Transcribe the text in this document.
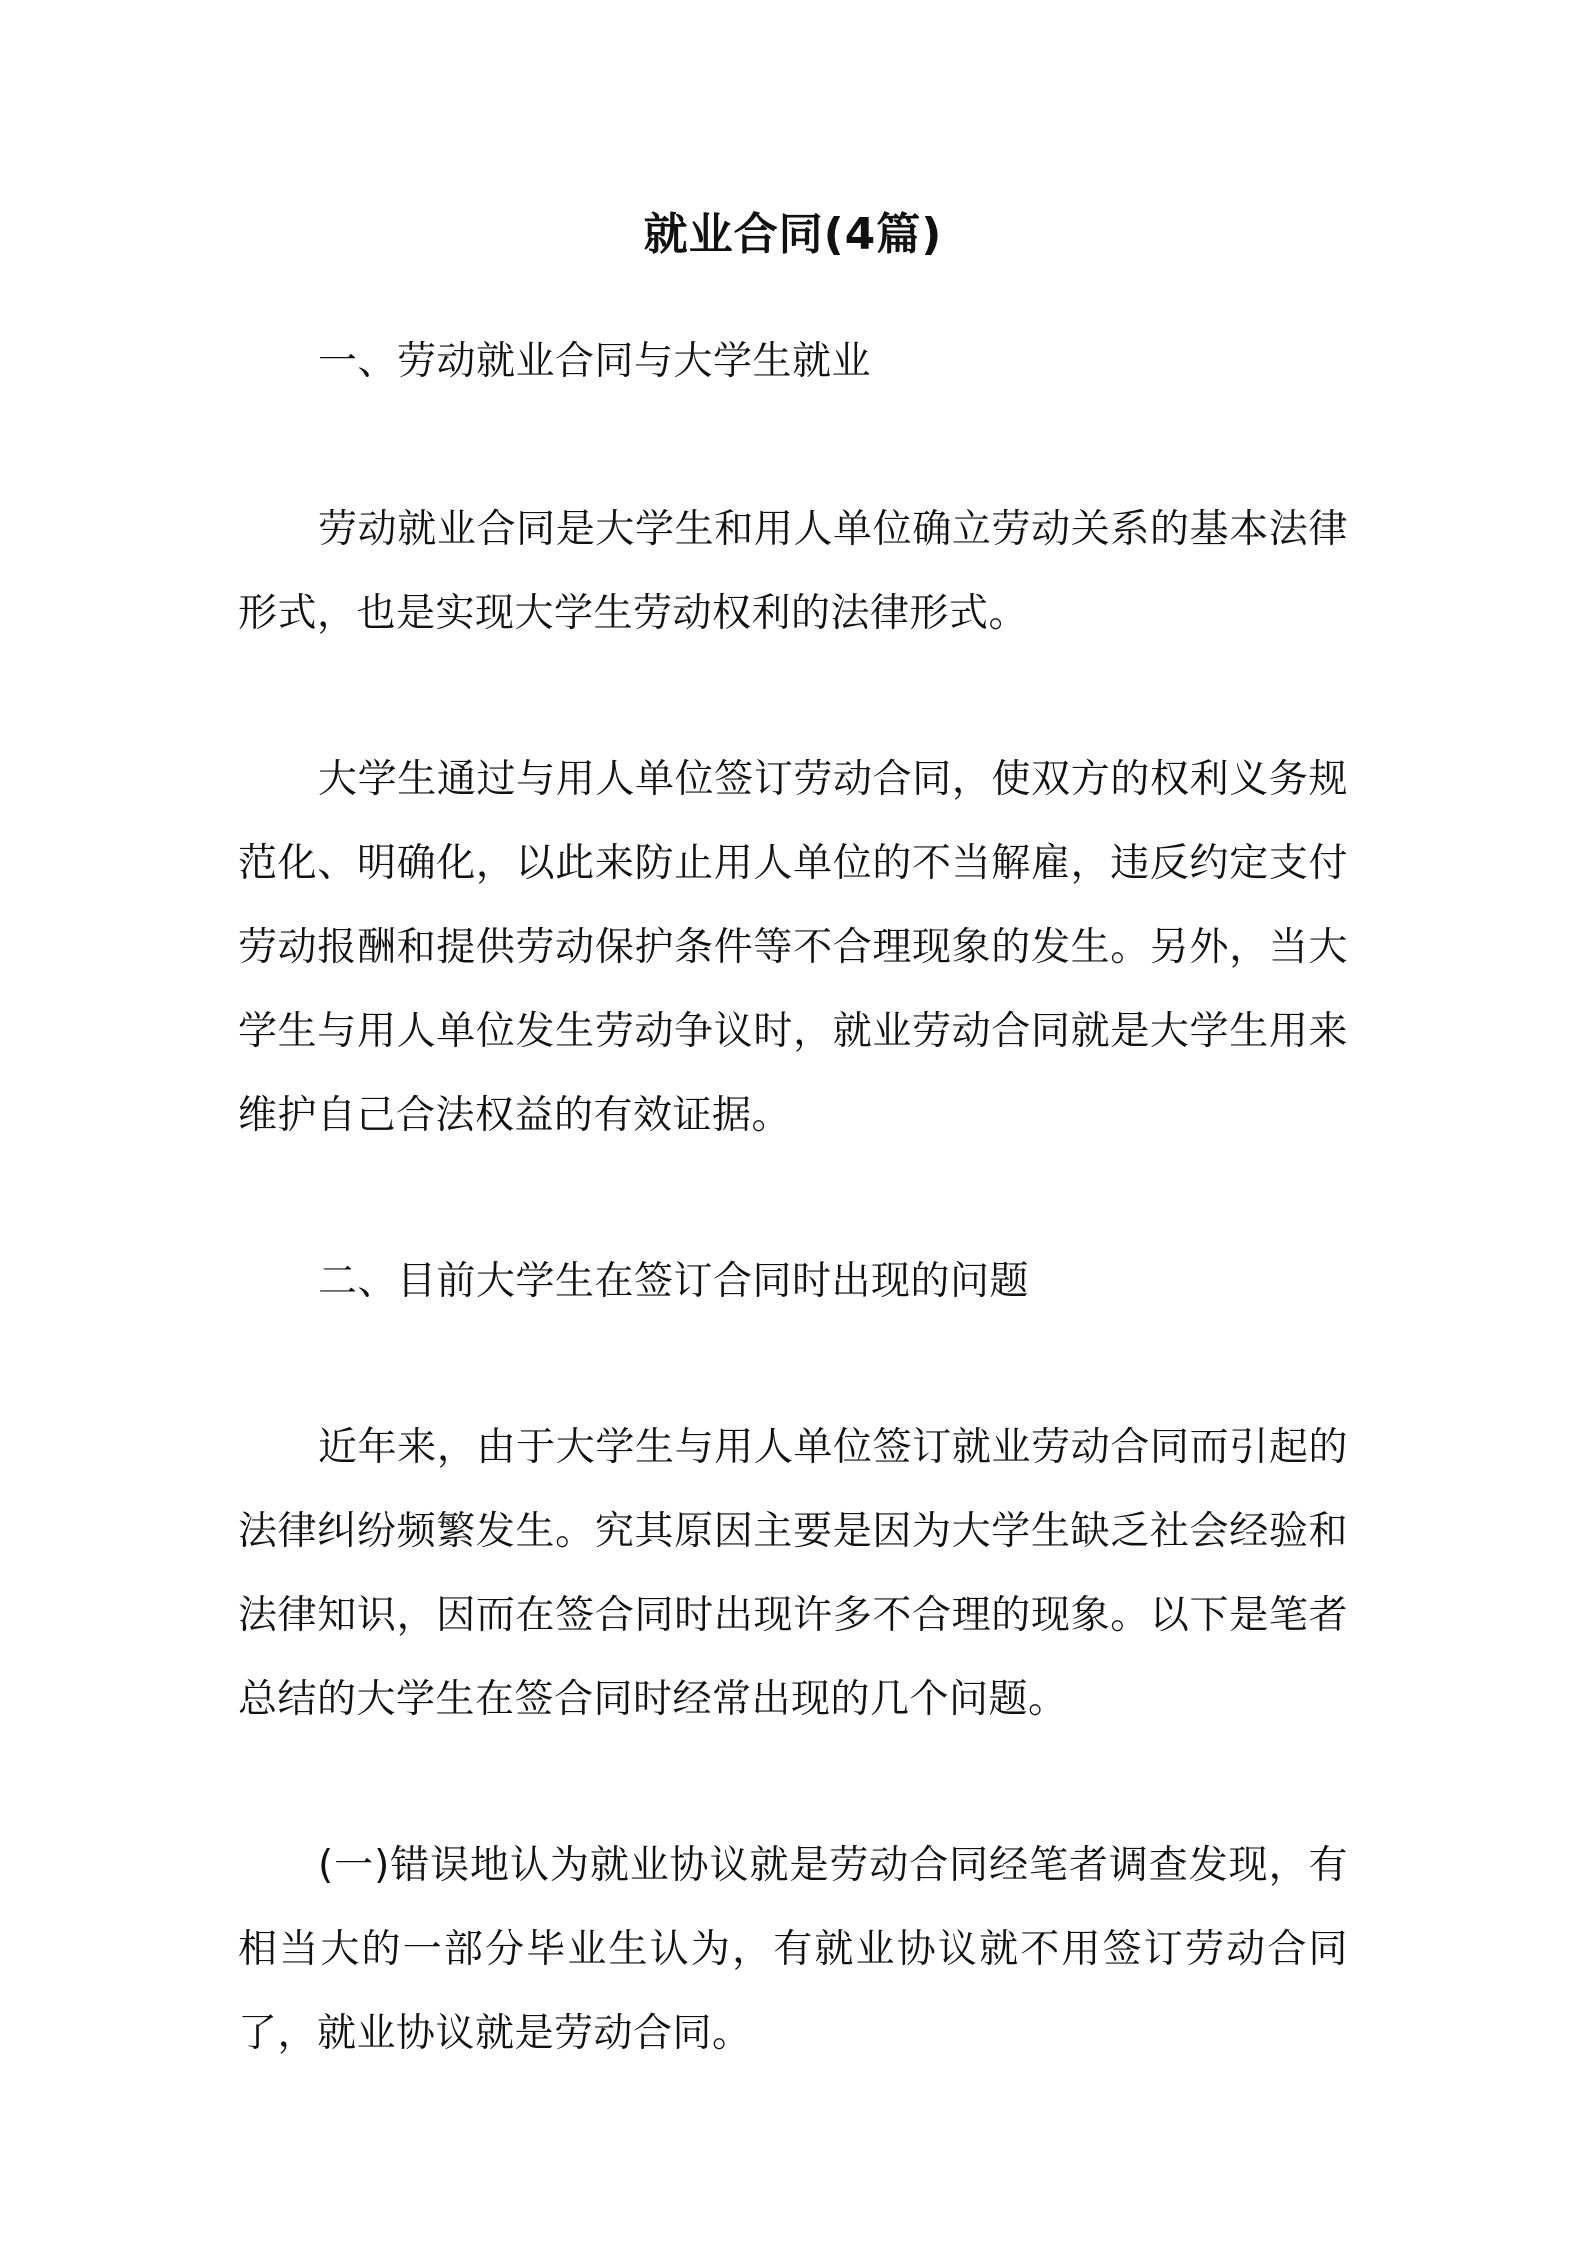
就业合同(4篇)

一、劳动就业合同与大学生就业

劳动就业合同是大学生和用人单位确立劳动关系的基本法律形式，也是实现大学生劳动权利的法律形式。

大学生通过与用人单位签订劳动合同，使双方的权利义务规范化、明确化，以此来防止用人单位的不当解雇，违反约定支付劳动报酬和提供劳动保护条件等不合理现象的发生。另外，当大学生与用人单位发生劳动争议时，就业劳动合同就是大学生用来维护自己合法权益的有效证据。

二、目前大学生在签订合同时出现的问题

近年来，由于大学生与用人单位签订就业劳动合同而引起的法律纠纷频繁发生。究其原因主要是因为大学生缺乏社会经验和法律知识，因而在签合同时出现许多不合理的现象。以下是笔者总结的大学生在签合同时经常出现的几个问题。

(一)错误地认为就业协议就是劳动合同经笔者调查发现，有相当大的一部分毕业生认为，有就业协议就不用签订劳动合同了，就业协议就是劳动合同。
